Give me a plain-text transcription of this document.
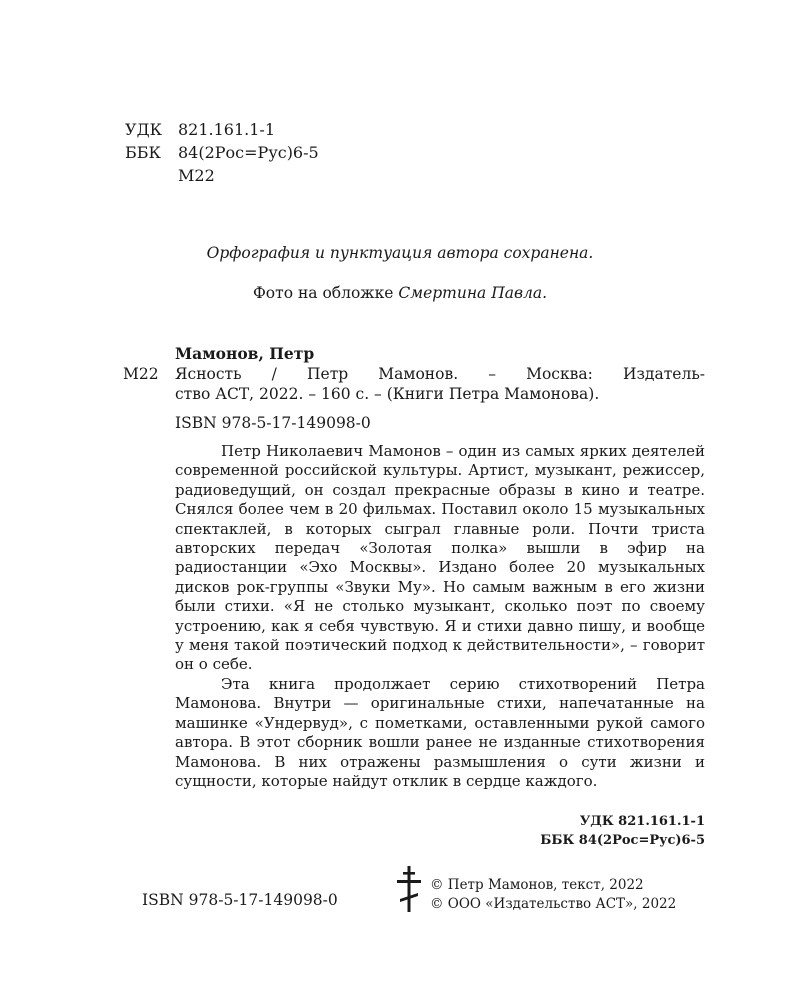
УДК	821.161.1-1
ББК	84(2Рос=Рус)6-5
М22
Орфография и пунктуация автора сохранена.
Фото на обложке Смертина Павла.
Мамонов, Петр
М22 Ясность / Петр Мамонов. – Москва: Издатель-
ство АСТ, 2022. – 160 с. – (Книги Петра Мамонова).
ISBN 978-5-17-149098-0

Петр Николаевич Мамонов – один из самых ярких деятелей современной российской культуры. Артист, музыкант, режиссер, радиоведущий, он создал прекрасные образы в кино и театре. Снялся более чем в 20 фильмах. Поставил около 15 музыкальных спектаклей, в которых сыграл главные роли. Почти триста авторских передач «Золотая полка» вышли в эфир на радиостанции «Эхо Москвы». Издано более 20 музыкальных дисков рок-группы «Звуки Му». Но самым важным в его жизни были стихи. «Я не столько музыкант, сколько поэт по своему устроению, как я себя чувствую. Я и стихи давно пишу, и вообще у меня такой поэтический подход к действительности», – говорит он о себе.

Эта книга продолжает серию стихотворений Петра Мамонова. Внутри — оригинальные стихи, напечатанные на машинке «Ундервуд», с пометками, оставленными рукой самого автора. В этот сборник вошли ранее не изданные стихотворения Мамонова. В них отражены размышления о сути жизни и сущности, которые найдут отклик в сердце каждого.

УДК 821.161.1-1
ББК 84(2Рос=Рус)6-5
ISBN 978-5-17-149098-0
© Петр Мамонов, текст, 2022
© ООО «Издательство АСТ», 2022
